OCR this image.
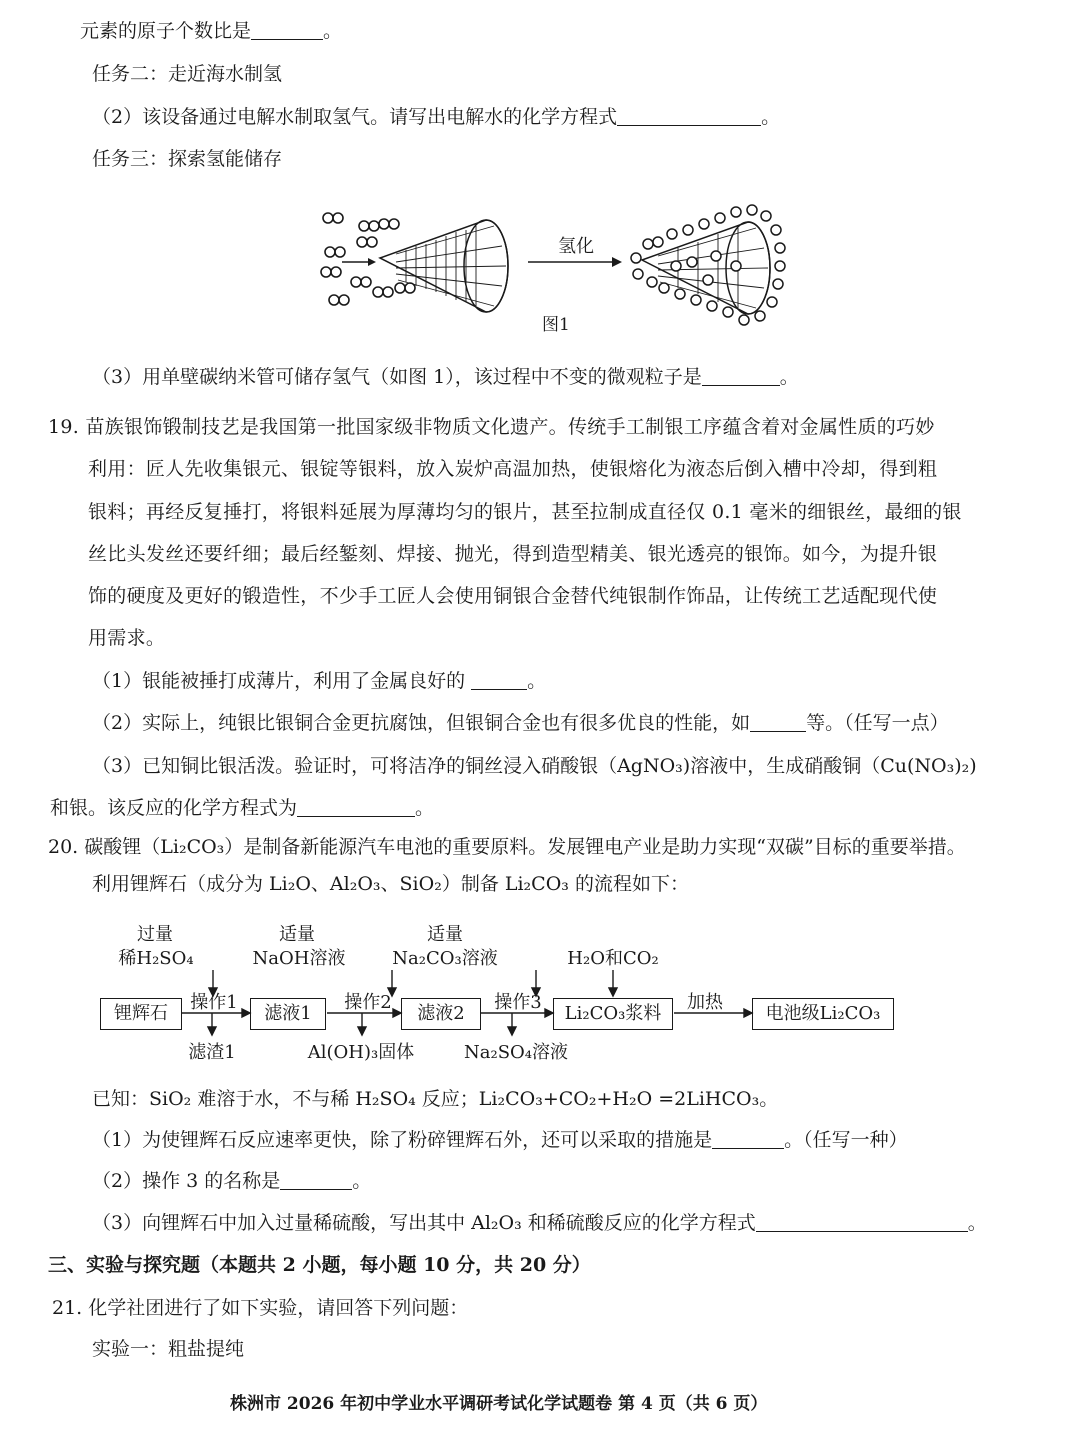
元素的原子个数比是	。
任务二：走近海水制氢
（2）该设备通过电解水制取氢气。请写出电解水的化学方程式	。
任务三：探索氢能储存
氢化
图1
（3）用单壁碳纳米管可储存氢气（如图 1），该过程中不变的微观粒子是	。
19. 苗族银饰锻制技艺是我国第一批国家级非物质文化遗产。传统手工制银工序蕴含着对金属性质的巧妙
利用：匠人先收集银元、银锭等银料，放入炭炉高温加热，使银熔化为液态后倒入槽中冷却，得到粗
银料；再经反复捶打，将银料延展为厚薄均匀的银片，甚至拉制成直径仅 0.1 毫米的细银丝，最细的银
丝比头发丝还要纤细；最后经錾刻、焊接、抛光，得到造型精美、银光透亮的银饰。如今，为提升银
饰的硬度及更好的锻造性，不少手工匠人会使用铜银合金替代纯银制作饰品，让传统工艺适配现代使
用需求。
（1）银能被捶打成薄片，利用了金属良好的	。
（2）实际上，纯银比银铜合金更抗腐蚀，但银铜合金也有很多优良的性能，如	等。（任写一点）
（3）已知铜比银活泼。验证时，可将洁净的铜丝浸入硝酸银（AgNO₃)溶液中，生成硝酸铜（Cu(NO₃)₂)
和银。该反应的化学方程式为	。
20. 碳酸锂（Li₂CO₃）是制备新能源汽车电池的重要原料。发展锂电产业是助力实现“双碳”目标的重要举措。
利用锂辉石（成分为 Li₂O、Al₂O₃、SiO₂）制备 Li₂CO₃ 的流程如下：
过量
稀H₂SO₄
适量
NaOH溶液
适量
Na₂CO₃溶液	H₂O和CO₂
锂辉石	滤液1	滤液2	Li₂CO₃浆料	电池级Li₂CO₃
操作1	操作2	操作3	加热
滤渣1	Al(OH)₃固体	Na₂SO₄溶液
已知：SiO₂ 难溶于水，不与稀 H₂SO₄ 反应；Li₂CO₃+CO₂+H₂O =2LiHCO₃。
（1）为使锂辉石反应速率更快，除了粉碎锂辉石外，还可以采取的措施是	。（任写一种）
（2）操作 3 的名称是	。
（3）向锂辉石中加入过量稀硫酸，写出其中 Al₂O₃ 和稀硫酸反应的化学方程式	。
三、实验与探究题（本题共 2 小题，每小题 10 分，共 20 分）
21. 化学社团进行了如下实验，请回答下列问题：
实验一：粗盐提纯
株洲市 2026 年初中学业水平调研考试化学试题卷 第 4 页（共 6 页）
